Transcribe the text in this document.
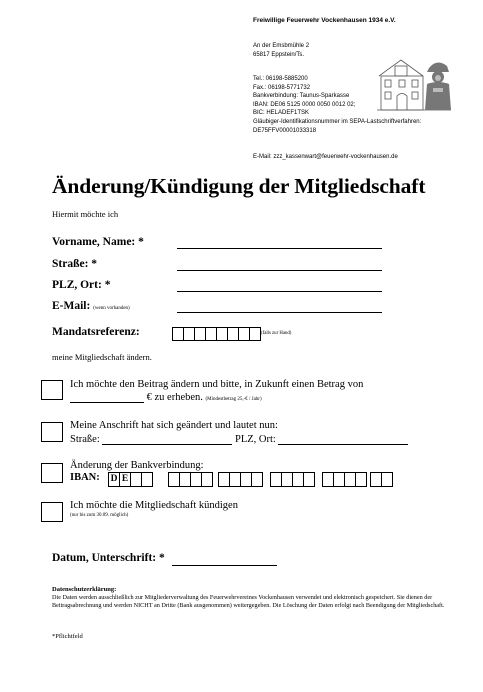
Freiwillige Feuerwehr Vockenhausen 1934 e.V.
An der Emsbmühle 2
65817 Eppstein/Ts.
Tel.: 06198-5885200
Fax.: 06198-5771732
Bankverbindung: Taunus-Sparkasse
IBAN: DE06 5125 0000 0050 0012 02;
BIC: HELADEF1TSK
Gläubiger-Identifikationsnummer im SEPA-Lastschriftverfahren:
DE75FFV00001033318
E-Mail: zzz_kassenwart@feuerwehr-vockenhausen.de
Änderung/Kündigung der Mitgliedschaft
Hiermit möchte ich
Vorname, Name: *
Straße: *
PLZ, Ort: *
E-Mail: (wenn vorhanden)
Mandatsreferenz:	(falls zur Hand)
meine Mitgliedschaft ändern.
Ich möchte den Beitrag ändern und bitte, in Zukunft einen Betrag von
€ zu erheben. (Mindestbetrag 25,-€ / Jahr)
Meine Anschrift hat sich geändert und lautet nun:
Straße:	PLZ, Ort:
Änderung der Bankverbindung:
IBAN: D E
Ich möchte die Mitgliedschaft kündigen
(nur bis zum 30.09. möglich)
Datum, Unterschrift: *
Datenschutzerklärung:
Die Daten werden ausschließlich zur Mitgliederverwaltung des Feuerwehrvereines Vockenhausen verwendet und elektronisch gespeichert. Sie dienen der Beitragsabrechnung und werden NICHT an Dritte (Bank ausgenommen) weitergegeben. Die Löschung der Daten erfolgt nach Beendigung der Mitgliedschaft.
*Pflichtfeld
